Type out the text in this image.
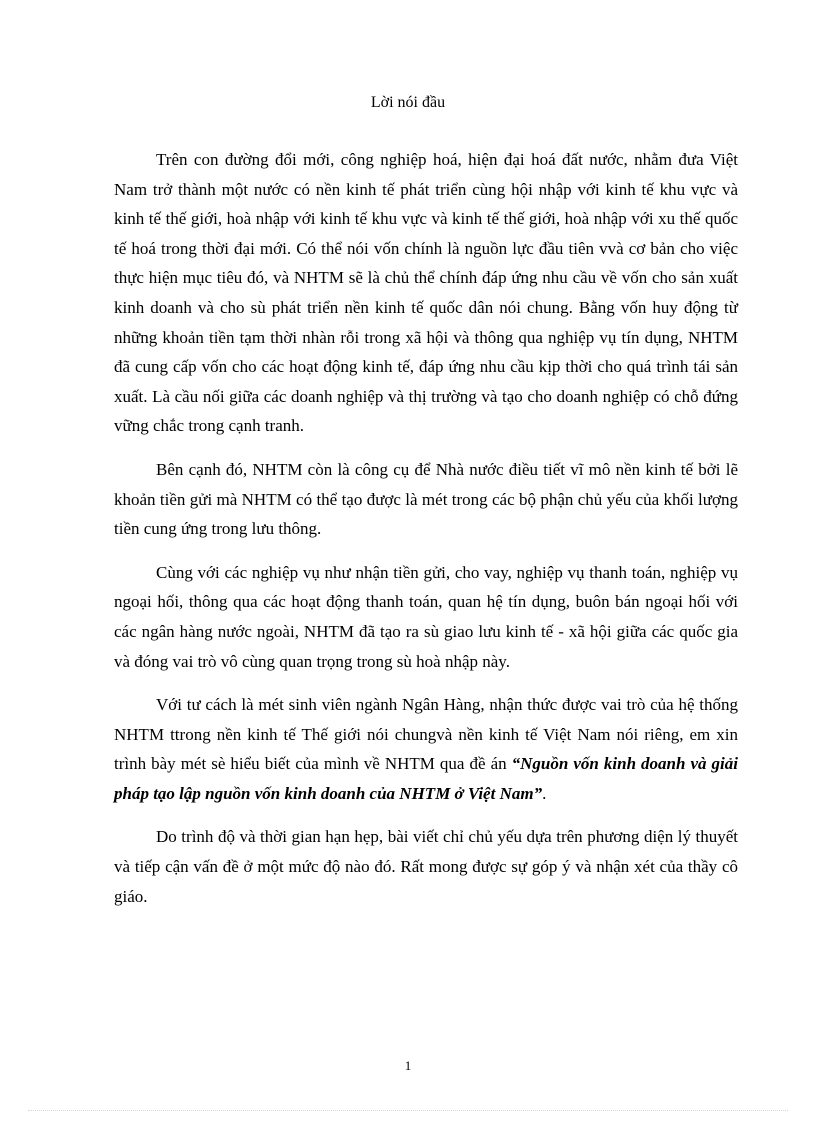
Lời nói đầu

Trên con đường đổi mới, công nghiệp hoá, hiện đại hoá đất nước, nhằm đưa Việt Nam trở thành một nước có nền kinh tế phát triển cùng hội nhập với kinh tế khu vực và kinh tế thế giới, hoà nhập với kinh tế khu vực và kinh tế thế giới, hoà nhập với xu thế quốc tế hoá trong thời đại mới. Có thể nói vốn chính là nguồn lực đầu tiên vvà cơ bản cho việc thực hiện mục tiêu đó, và NHTM sẽ là chủ thể chính đáp ứng nhu cầu về vốn cho sản xuất kinh doanh và cho sù phát triển nền kinh tế quốc dân nói chung. Bằng vốn huy động từ những khoản tiền tạm thời nhàn rỗi trong xã hội và thông qua nghiệp vụ tín dụng, NHTM đã cung cấp vốn cho các hoạt động kinh tế, đáp ứng nhu cầu kịp thời cho quá trình tái sản xuất. Là cầu nối giữa các doanh nghiệp và thị trường và tạo cho doanh nghiệp có chỗ đứng vững chắc trong cạnh tranh.

Bên cạnh đó, NHTM còn là công cụ để Nhà nước điều tiết vĩ mô nền kinh tế bởi lẽ khoản tiền gửi mà NHTM có thể tạo được là mét trong các bộ phận chủ yếu của khối lượng tiền cung ứng trong lưu thông.

Cùng với các nghiệp vụ như nhận tiền gửi, cho vay, nghiệp vụ thanh toán, nghiệp vụ ngoại hối, thông qua các hoạt động thanh toán, quan hệ tín dụng, buôn bán ngoại hối với các ngân hàng nước ngoài, NHTM đã tạo ra sù giao lưu kinh tế - xã hội giữa các quốc gia và đóng vai trò vô cùng quan trọng trong sù hoà nhập này.

Với tư cách là mét sinh viên ngành Ngân Hàng, nhận thức được vai trò của hệ thống NHTM ttrong nền kinh tế Thế giới nói chungvà nền kinh tế Việt Nam nói riêng, em xin trình bày mét sè hiểu biết của mình về NHTM qua đề án “Nguồn vốn kinh doanh và giải pháp tạo lập nguồn vốn kinh doanh của NHTM ở Việt Nam”.

Do trình độ và thời gian hạn hẹp, bài viết chỉ chủ yếu dựa trên phương diện lý thuyết và tiếp cận vấn đề ở một mức độ nào đó. Rất mong được sự góp ý và nhận xét của thầy cô giáo.

1
